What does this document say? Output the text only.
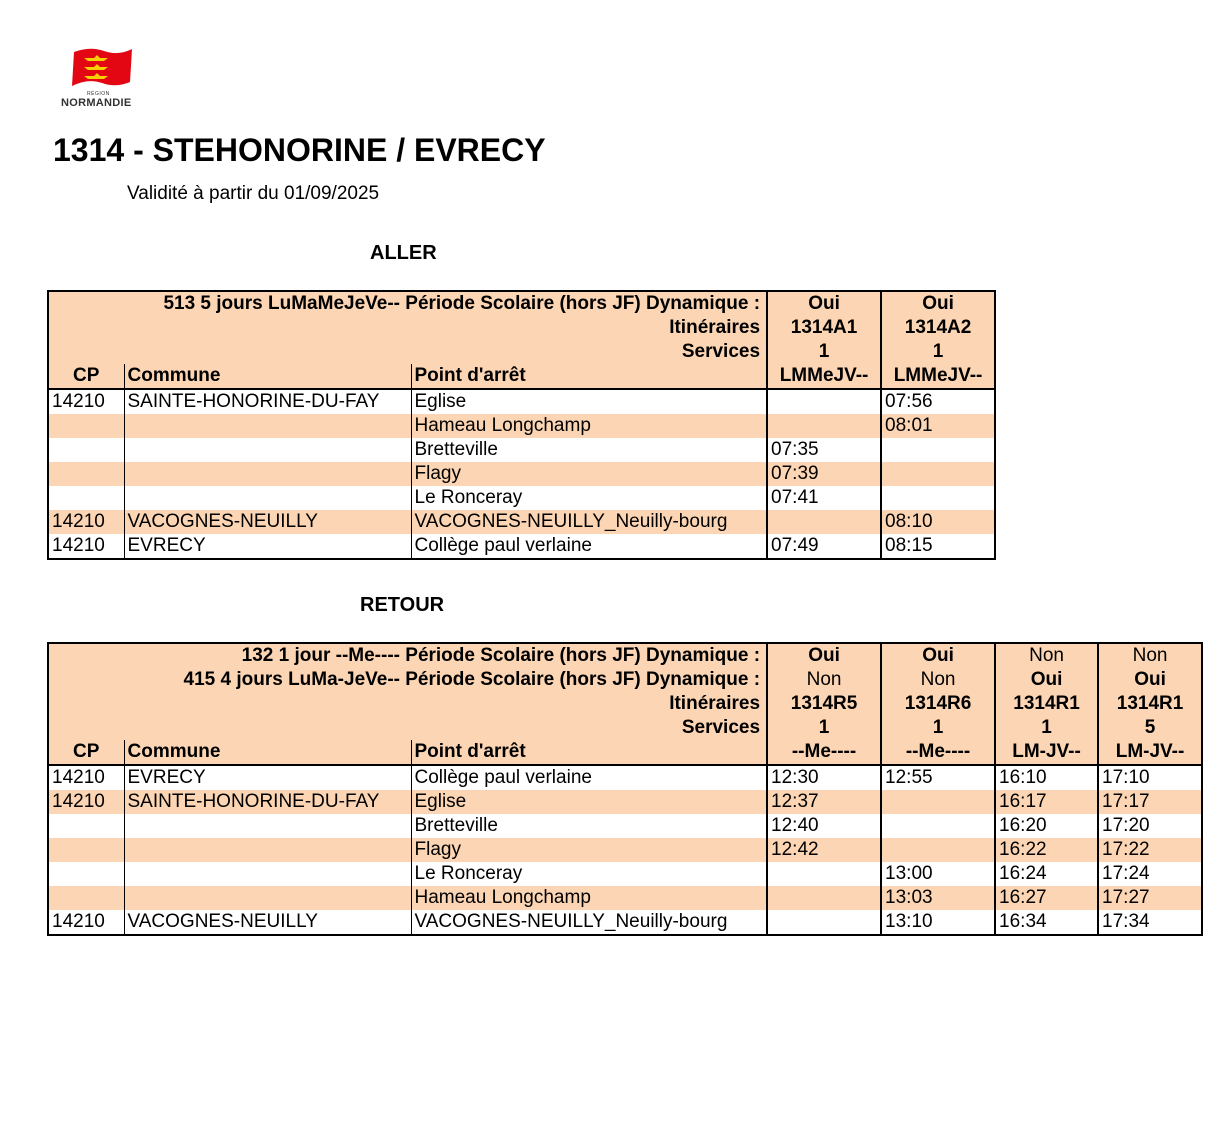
RÉGION
NORMANDIE
1314 - STEHONORINE / EVRECY
Validité à partir du 01/09/2025
ALLER
513 5 jours LuMaMeJeVe-- Période Scolaire (hors JF) Dynamique :			Oui	Oui
Itinéraires			1314A1	1314A2
Services			1	1
CP	Commune	Point d'arrêt	LMMeJV--	LMMeJV--
14210	SAINTE-HONORINE-DU-FAY	Eglise		07:56
		Hameau Longchamp		08:01
		Bretteville	07:35	
		Flagy	07:39	
		Le Ronceray	07:41	
14210	VACOGNES-NEUILLY	VACOGNES-NEUILLY_Neuilly-bourg		08:10
14210	EVRECY	Collège paul verlaine	07:49	08:15
RETOUR
132 1 jour --Me---- Période Scolaire (hors JF) Dynamique :			Oui	Oui	Non	Non
415 4 jours LuMa-JeVe-- Période Scolaire (hors JF) Dynamique :			Non	Non	Oui	Oui
Itinéraires			1314R5	1314R6	1314R1	1314R1
Services			1	1	1	5
CP	Commune	Point d'arrêt	--Me----	--Me----	LM-JV--	LM-JV--
14210	EVRECY	Collège paul verlaine	12:30	12:55	16:10	17:10
14210	SAINTE-HONORINE-DU-FAY	Eglise	12:37		16:17	17:17
		Bretteville	12:40		16:20	17:20
		Flagy	12:42		16:22	17:22
		Le Ronceray		13:00	16:24	17:24
		Hameau Longchamp		13:03	16:27	17:27
14210	VACOGNES-NEUILLY	VACOGNES-NEUILLY_Neuilly-bourg		13:10	16:34	17:34
